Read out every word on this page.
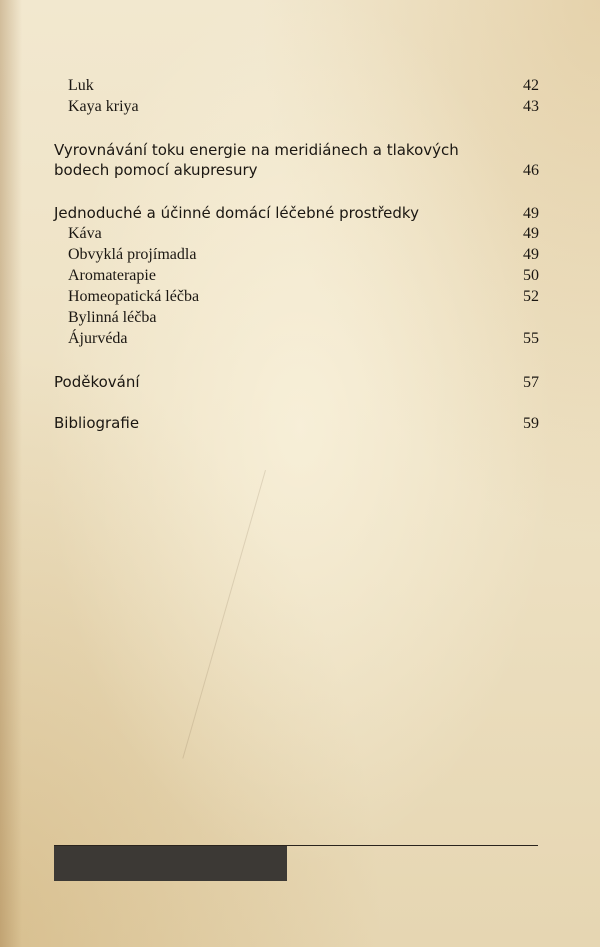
Luk	42
Kaya kriya	43
Vyrovnávání toku energie na meridiánech a tlakových
bodech pomocí akupresury	46
Jednoduché a účinné domácí léčebné prostředky	49
Káva	49
Obvyklá projímadla	49
Aromaterapie	50
Homeopatická léčba	52
Bylinná léčba
Ájurvéda	55
Poděkování	57
Bibliografie	59
